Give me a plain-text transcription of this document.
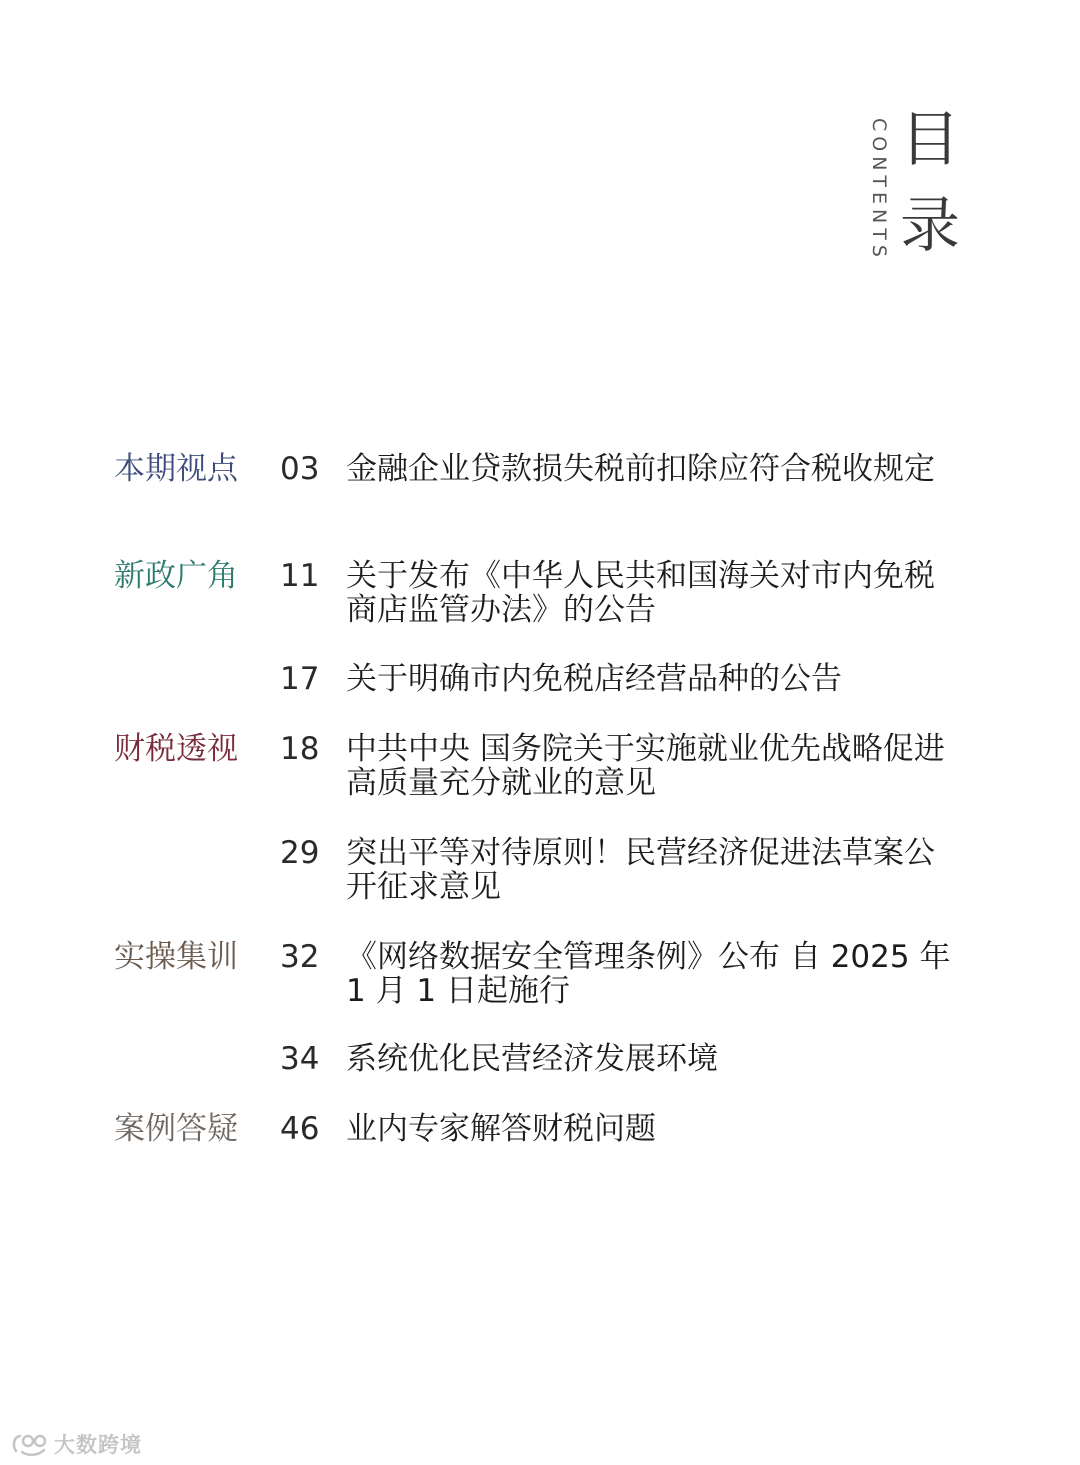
CONTENTS 目
录
本期视点 03 金融企业贷款损失税前扣除应符合税收规定
新政广角 11 关于发布《中华人民共和国海关对市内免税商店监管办法》的公告
17 关于明确市内免税店经营品种的公告
财税透视 18 中共中央 国务院关于实施就业优先战略促进高质量充分就业的意见
29 突出平等对待原则！民营经济促进法草案公开征求意见
实操集训 32 《网络数据安全管理条例》公布 自 2025 年 1 月 1 日起施行
34 系统优化民营经济发展环境
案例答疑 46 业内专家解答财税问题
大数跨境
